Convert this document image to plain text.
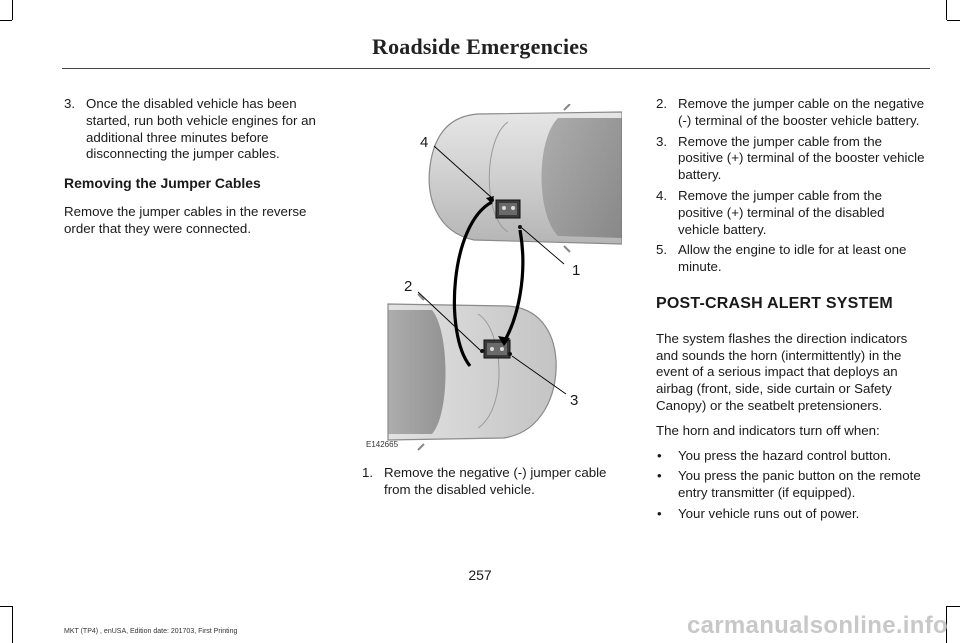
Roadside Emergencies
3. Once the disabled vehicle has been started, run both vehicle engines for an additional three minutes before disconnecting the jumper cables.
Removing the Jumper Cables
Remove the jumper cables in the reverse order that they were connected.
4
1
2
3
E142665
1. Remove the negative (-) jumper cable from the disabled vehicle.
2. Remove the jumper cable on the negative (-) terminal of the booster vehicle battery.
3. Remove the jumper cable from the positive (+) terminal of the booster vehicle battery.
4. Remove the jumper cable from the positive (+) terminal of the disabled vehicle battery.
5. Allow the engine to idle for at least one minute.
POST-CRASH ALERT SYSTEM
The system flashes the direction indicators and sounds the horn (intermittently) in the event of a serious impact that deploys an airbag (front, side, side curtain or Safety Canopy) or the seatbelt pretensioners.
The horn and indicators turn off when:
• You press the hazard control button.
• You press the panic button on the remote entry transmitter (if equipped).
• Your vehicle runs out of power.
257
MKT (TP4) , enUSA, Edition date: 201703, First Printing	carmanualsonline.info
